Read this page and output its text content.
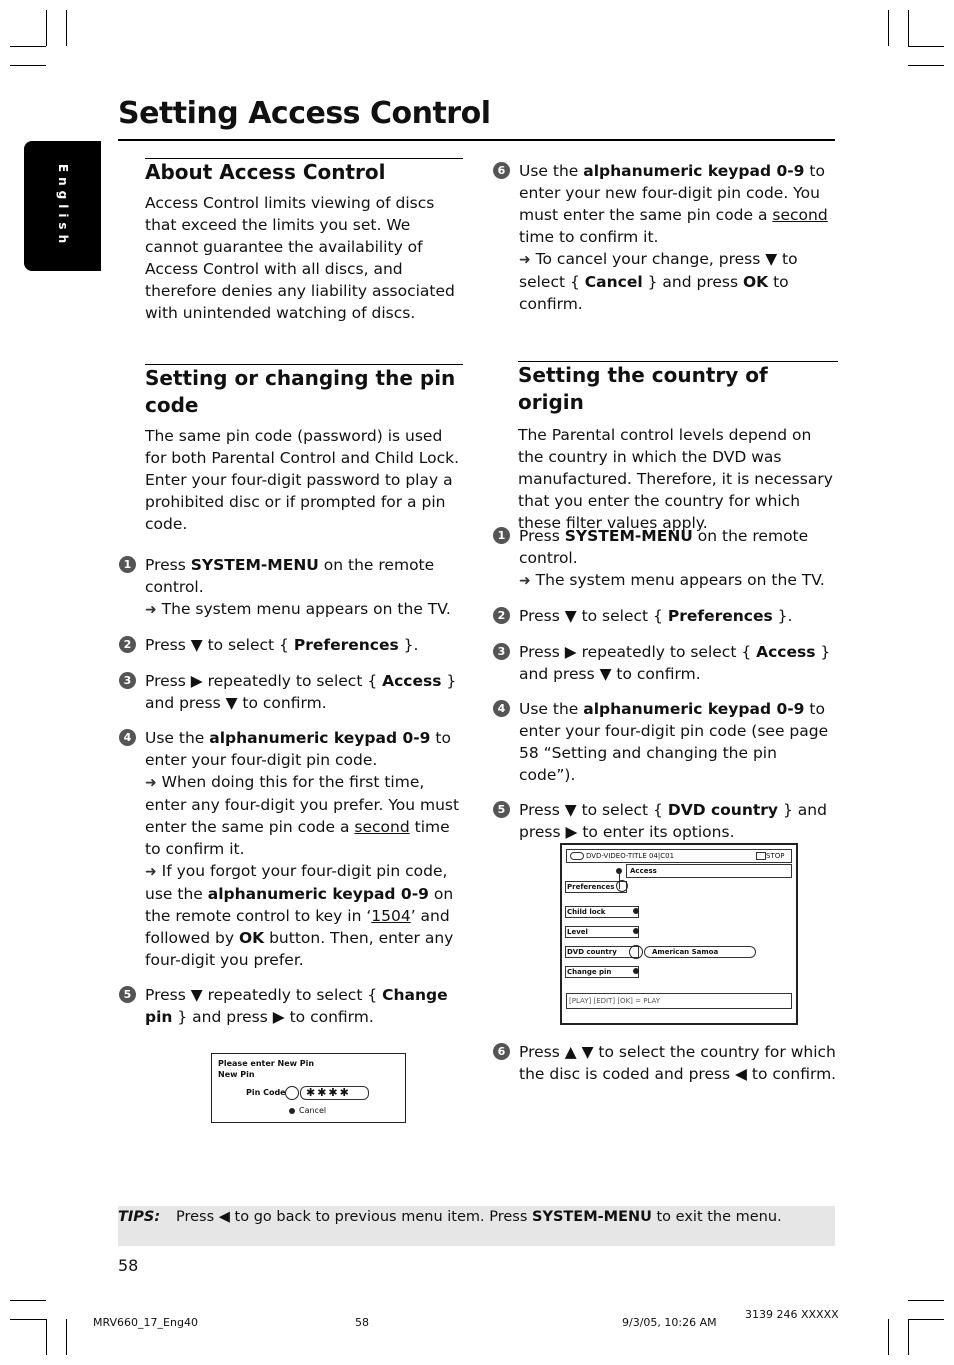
Setting Access Control
English	About Access Control

Access Control limits viewing of discs that exceed the limits you set. We cannot guarantee the availability of Access Control with all discs, and therefore denies any liability associated with unintended watching of discs.

Setting or changing the pin code

The same pin code (password) is used for both Parental Control and Child Lock. Enter your four-digit password to play a prohibited disc or if prompted for a pin code.

1 Press SYSTEM-MENU on the remote control.

➜ The system menu appears on the TV.

2 Press ▼ to select { Preferences }.

3 Press ▶ repeatedly to select { Access } and press ▼ to confirm.

4 Use the alphanumeric keypad 0-9 to enter your four-digit pin code.

➜ When doing this for the first time, enter any four-digit you prefer. You must enter the same pin code a second time to confirm it.

➜ If you forgot your four-digit pin code, use the alphanumeric keypad 0-9 on the remote control to key in ‘1504’ and followed by OK button. Then, enter any four-digit you prefer.

5 Press ▼ repeatedly to select { Change pin } and press ▶ to confirm.

Please enter New Pin
New Pin
Pin Code ✱✱✱✱
Cancel
6 Use the alphanumeric keypad 0-9 to enter your new four-digit pin code. You must enter the same pin code a second time to confirm it.

➜ To cancel your change, press ▼ to select { Cancel } and press OK to confirm.

Setting the country of origin

The Parental control levels depend on the country in which the DVD was manufactured. Therefore, it is necessary that you enter the country for which these filter values apply.

1 Press SYSTEM-MENU on the remote control.

➜ The system menu appears on the TV.

2 Press ▼ to select { Preferences }.

3 Press ▶ repeatedly to select { Access } and press ▼ to confirm.

4 Use the alphanumeric keypad 0-9 to enter your four-digit pin code (see page 58 “Setting and changing the pin code”).

5 Press ▼ to select { DVD country } and press ▶ to enter its options.

DVD-VIDEO-TITLE 04|C01	STOP
Access
Preferences
Child lock
Level
DVD country	American Samoa
Change pin
[PLAY] [EDIT] [OK] = PLAY
6 Press ▲ ▼ to select the country for which the disc is coded and press ◀ to confirm.

TIPS: Press ◀ to go back to previous menu item. Press SYSTEM-MENU to exit the menu.
58
MRV660_17_Eng40	58	9/3/05, 10:26 AM
3139 246 XXXXX
